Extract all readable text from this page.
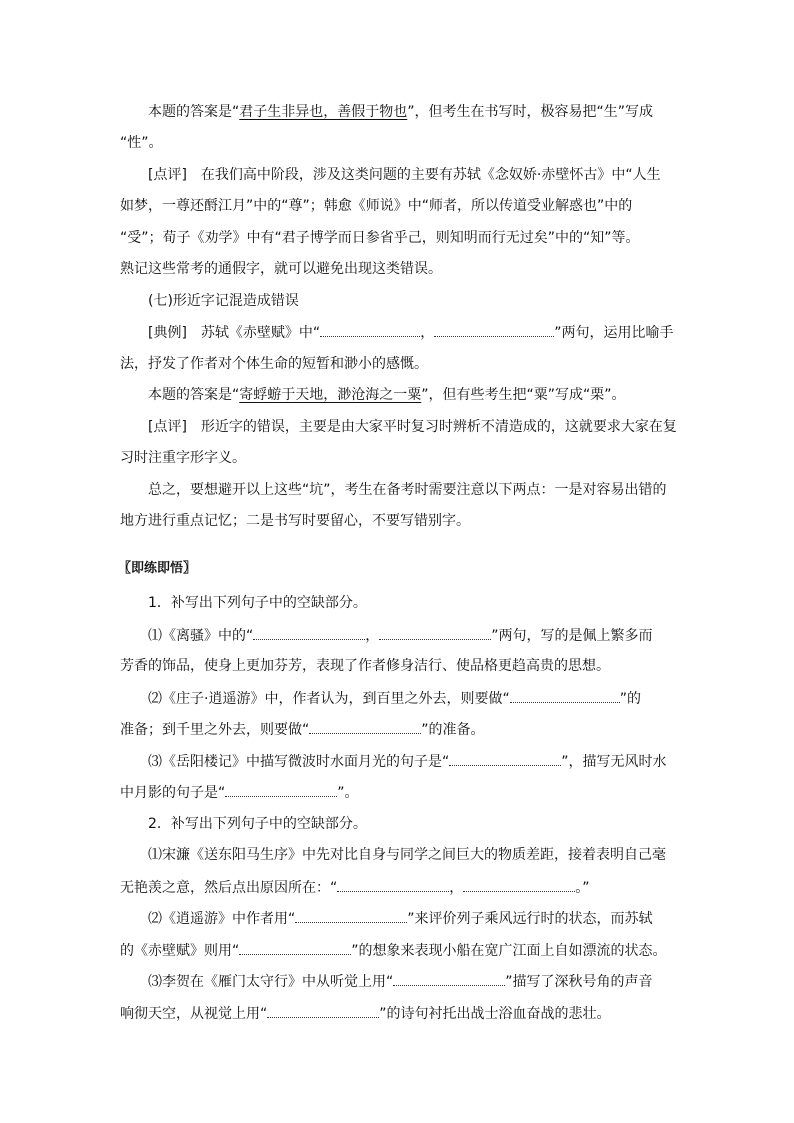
本题的答案是“君子生非异也，善假于物也”，但考生在书写时，极容易把“生”写成
“性”。
[点评]　在我们高中阶段，涉及这类问题的主要有苏轼《念奴娇·赤壁怀古》中“人生
如梦，一尊还酹江月”中的“尊”；韩愈《师说》中“师者，所以传道受业解惑也”中的
“受”；荀子《劝学》中有“君子博学而日参省乎己，则知明而行无过矣”中的“知”等。
熟记这些常考的通假字，就可以避免出现这类错误。
(七)形近字记混造成错误
[典例]　苏轼《赤壁赋》中“	，	”两句，运用比喻手
法，抒发了作者对个体生命的短暂和渺小的感慨。
本题的答案是“寄蜉蝣于天地，渺沧海之一粟”，但有些考生把“粟”写成“栗”。
[点评]　形近字的错误，主要是由大家平时复习时辨析不清造成的，这就要求大家在复
习时注重字形字义。
总之，要想避开以上这些“坑”，考生在备考时需要注意以下两点：一是对容易出错的
地方进行重点记忆；二是书写时要留心，不要写错别字。
〖即练即悟〗
1．补写出下列句子中的空缺部分。
⑴《离骚》中的“	，	”两句，写的是佩上繁多而
芳香的饰品，使身上更加芬芳，表现了作者修身洁行、使品格更趋高贵的思想。
⑵《庄子·逍遥游》中，作者认为，到百里之外去，则要做“	”的
准备；到千里之外去，则要做“	”的准备。
⑶《岳阳楼记》中描写微波时水面月光的句子是“	”，描写无风时水
中月影的句子是“	”。
2．补写出下列句子中的空缺部分。
⑴宋濂《送东阳马生序》中先对比自身与同学之间巨大的物质差距，接着表明自己毫
无艳羡之意，然后点出原因所在：“	，	。”
⑵《逍遥游》中作者用“	”来评价列子乘风远行时的状态，而苏轼
的《赤壁赋》则用“	”的想象来表现小船在宽广江面上自如漂流的状态。
⑶李贺在《雁门太守行》中从听觉上用“	”描写了深秋号角的声音
响彻天空，从视觉上用“	”的诗句衬托出战士浴血奋战的悲壮。
